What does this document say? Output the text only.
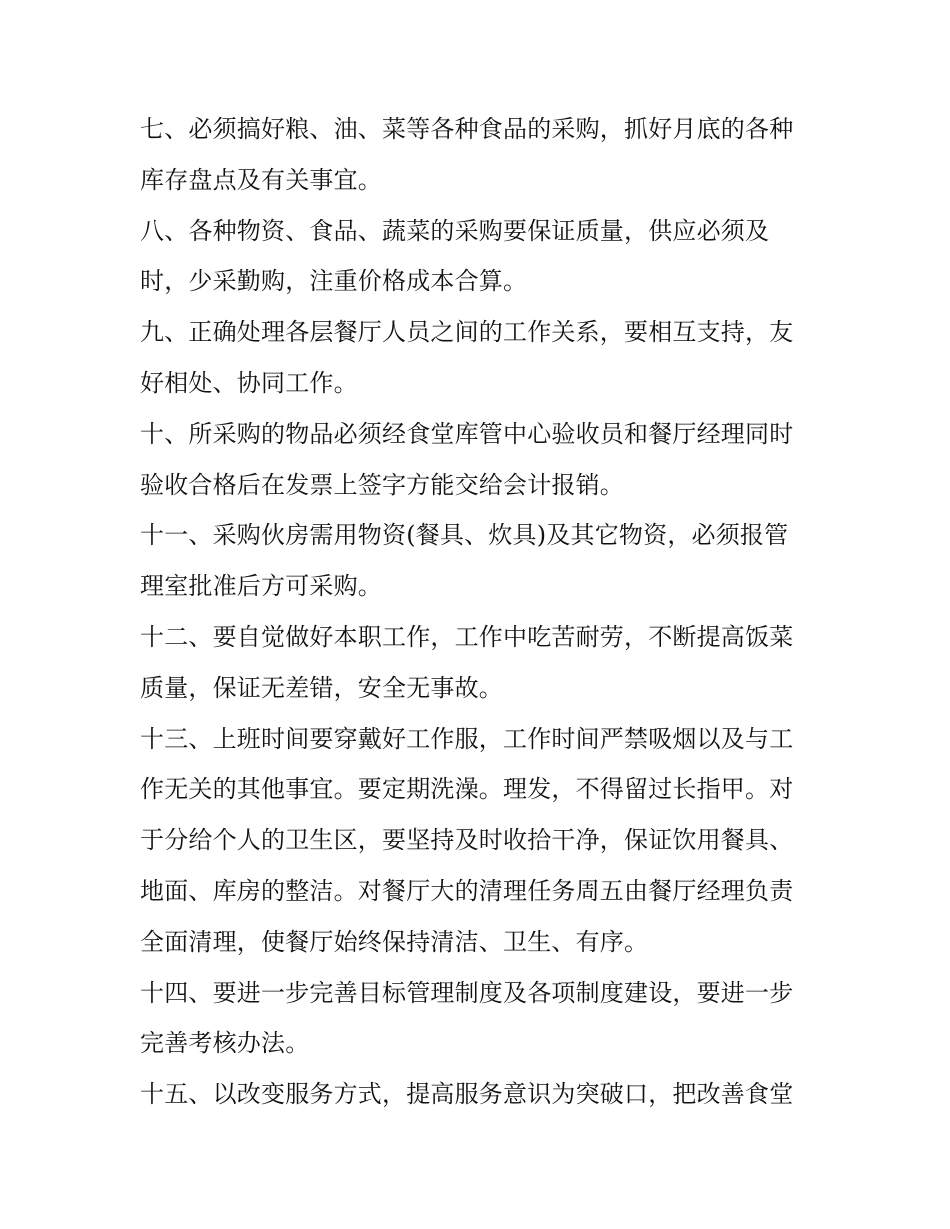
七、必须搞好粮、油、菜等各种食品的采购，抓好月底的各种
库存盘点及有关事宜。
八、各种物资、食品、蔬菜的采购要保证质量，供应必须及
时，少采勤购，注重价格成本合算。
九、正确处理各层餐厅人员之间的工作关系，要相互支持，友
好相处、协同工作。
十、所采购的物品必须经食堂库管中心验收员和餐厅经理同时
验收合格后在发票上签字方能交给会计报销。
十一、采购伙房需用物资(餐具、炊具)及其它物资，必须报管
理室批准后方可采购。
十二、要自觉做好本职工作，工作中吃苦耐劳，不断提高饭菜
质量，保证无差错，安全无事故。
十三、上班时间要穿戴好工作服，工作时间严禁吸烟以及与工
作无关的其他事宜。要定期洗澡。理发，不得留过长指甲。对
于分给个人的卫生区，要坚持及时收拾干净，保证饮用餐具、
地面、库房的整洁。对餐厅大的清理任务周五由餐厅经理负责
全面清理，使餐厅始终保持清洁、卫生、有序。
十四、要进一步完善目标管理制度及各项制度建设，要进一步
完善考核办法。
十五、以改变服务方式，提高服务意识为突破口，把改善食堂
